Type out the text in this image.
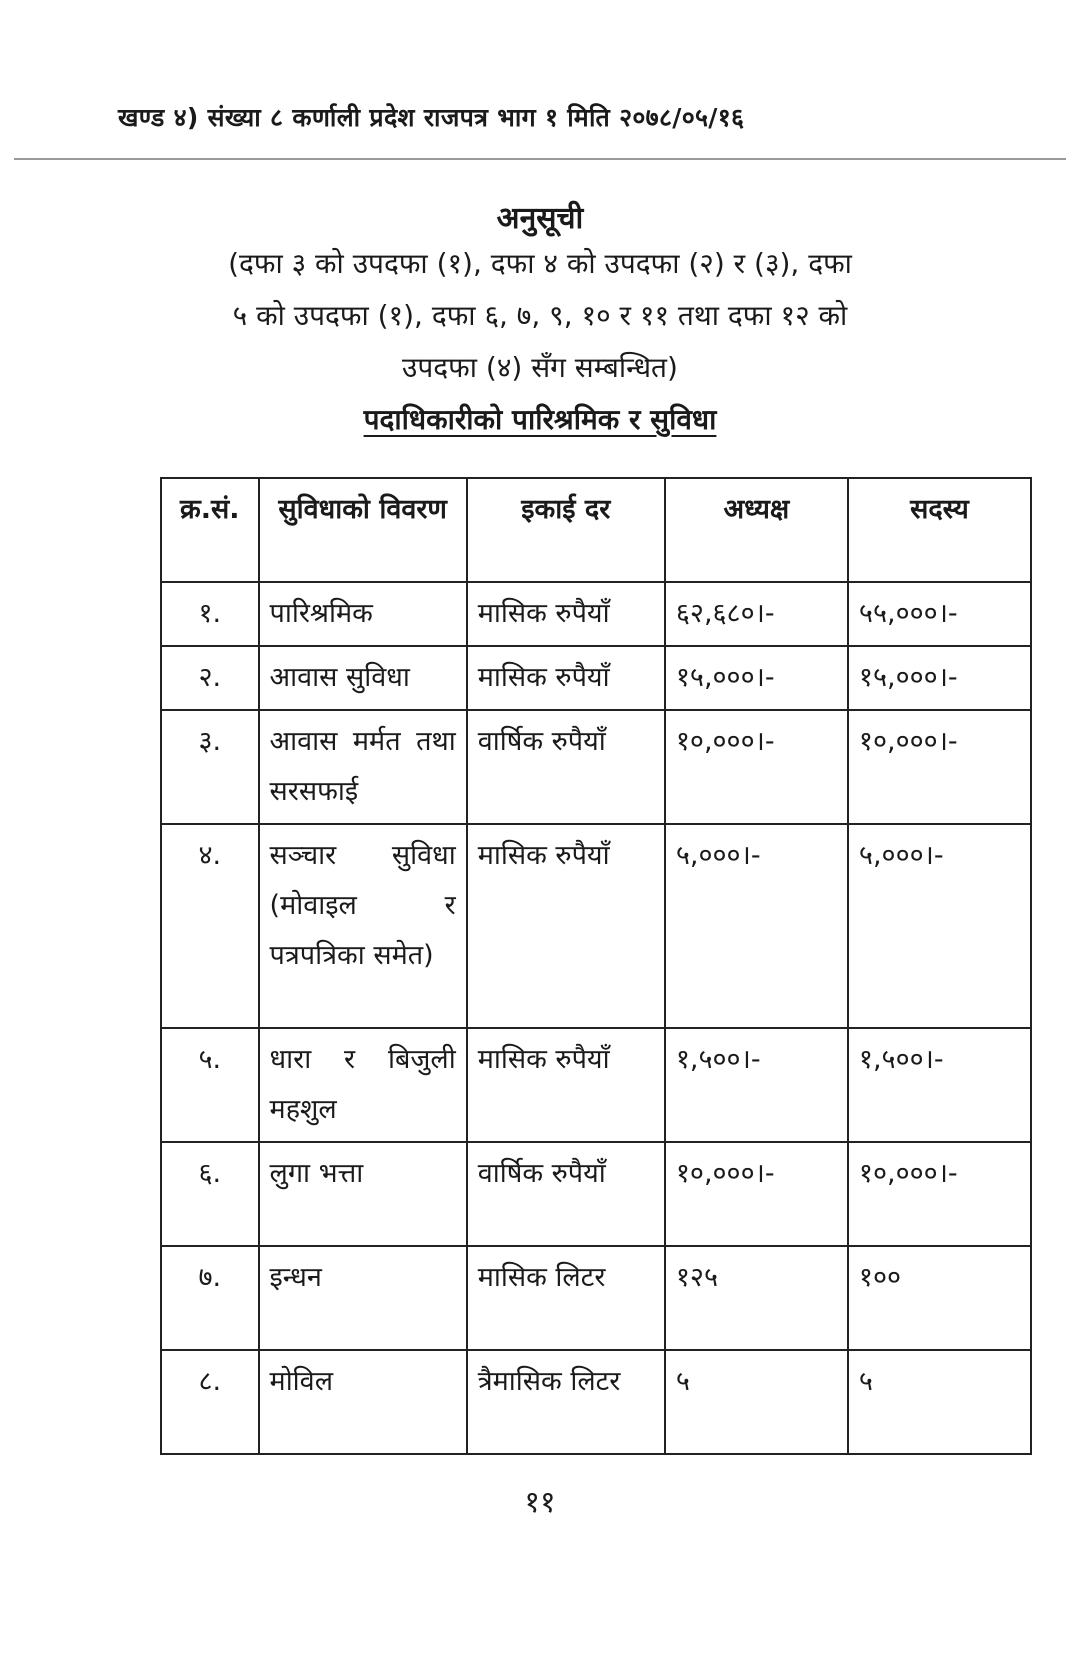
खण्ड ४) संख्या ८ कर्णाली प्रदेश राजपत्र भाग १ मिति २०७८/०५/१६
अनुसूची
(दफा ३ को उपदफा (१), दफा ४ को उपदफा (२) र (३), दफा
५ को उपदफा (१), दफा ६, ७, ९, १० र ११ तथा दफा १२ को
उपदफा (४) सँग सम्बन्धित)
पदाधिकारीको पारिश्रमिक र सुविधा
क्र.सं.	सुविधाको विवरण	इकाई दर	अध्यक्ष	सदस्य
१.	पारिश्रमिक	मासिक रुपैयाँ	६२,६८०।-	५५,०००।-
२.	आवास सुविधा	मासिक रुपैयाँ	१५,०००।-	१५,०००।-
३.	आवास मर्मत तथा सरसफाई	वार्षिक रुपैयाँ	१०,०००।-	१०,०००।-
४.	सञ्चार सुविधा (मोवाइल र पत्रपत्रिका समेत)	मासिक रुपैयाँ	५,०००।-	५,०००।-
५.	धारा र बिजुली महशुल	मासिक रुपैयाँ	१,५००।-	१,५००।-
६.	लुगा भत्ता	वार्षिक रुपैयाँ	१०,०००।-	१०,०००।-
७.	इन्धन	मासिक लिटर	१२५	१००
८.	मोविल	त्रैमासिक लिटर	५	५
११
